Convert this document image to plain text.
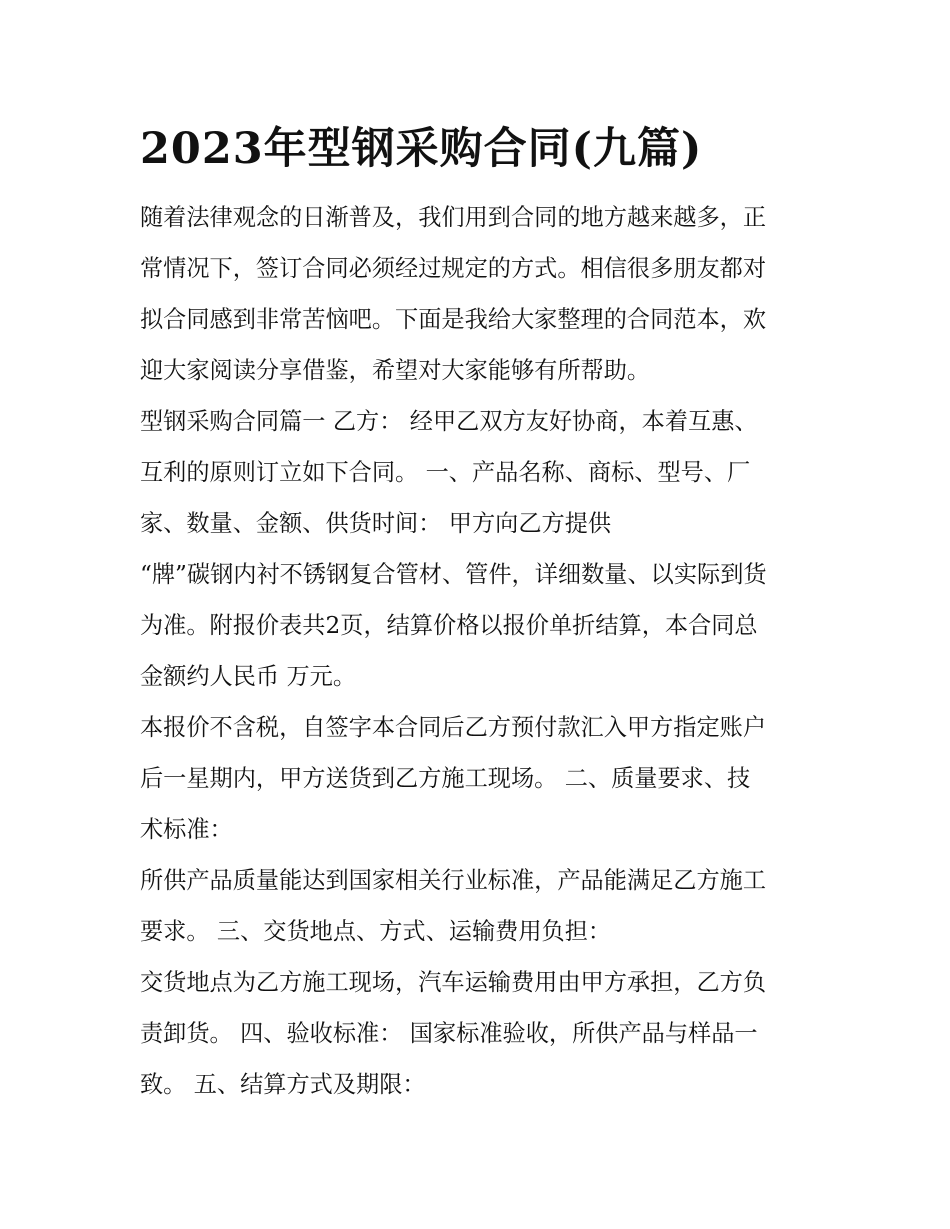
2023年型钢采购合同(九篇)
随着法律观念的日渐普及，我们用到合同的地方越来越多，正
常情况下，签订合同必须经过规定的方式。相信很多朋友都对
拟合同感到非常苦恼吧。下面是我给大家整理的合同范本，欢
迎大家阅读分享借鉴，希望对大家能够有所帮助。
型钢采购合同篇一 乙方： 经甲乙双方友好协商，本着互惠、
互利的原则订立如下合同。 一、产品名称、商标、型号、厂
家、数量、金额、供货时间： 甲方向乙方提供
“牌”碳钢内衬不锈钢复合管材、管件，详细数量、以实际到货
为准。附报价表共2页，结算价格以报价单折结算，本合同总
金额约人民币 万元。
本报价不含税，自签字本合同后乙方预付款汇入甲方指定账户
后一星期内，甲方送货到乙方施工现场。 二、质量要求、技
术标准：
所供产品质量能达到国家相关行业标准，产品能满足乙方施工
要求。 三、交货地点、方式、运输费用负担：
交货地点为乙方施工现场，汽车运输费用由甲方承担，乙方负
责卸货。 四、验收标准： 国家标准验收，所供产品与样品一
致。 五、结算方式及期限：
